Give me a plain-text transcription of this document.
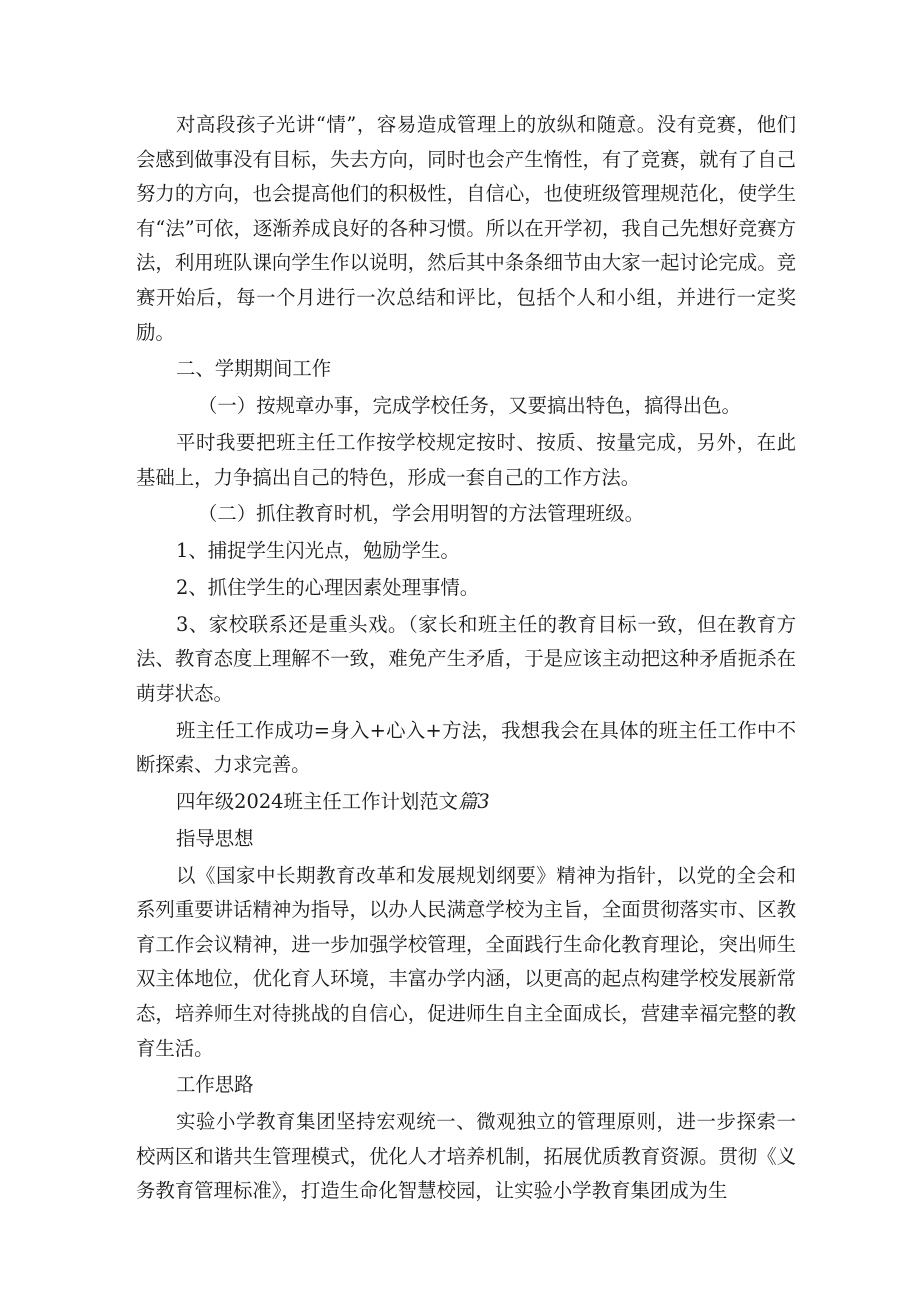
对高段孩子光讲“情”，容易造成管理上的放纵和随意。没有竞赛，他们会感到做事没有目标，失去方向，同时也会产生惰性，有了竞赛，就有了自己努力的方向，也会提高他们的积极性，自信心，也使班级管理规范化，使学生有“法”可依，逐渐养成良好的各种习惯。所以在开学初，我自己先想好竞赛方法，利用班队课向学生作以说明，然后其中条条细节由大家一起讨论完成。竞赛开始后，每一个月进行一次总结和评比，包括个人和小组，并进行一定奖励。

二、学期期间工作

（一）按规章办事，完成学校任务，又要搞出特色，搞得出色。

平时我要把班主任工作按学校规定按时、按质、按量完成，另外，在此基础上，力争搞出自己的特色，形成一套自己的工作方法。

（二）抓住教育时机，学会用明智的方法管理班级。

1、捕捉学生闪光点，勉励学生。

2、抓住学生的心理因素处理事情。

3、家校联系还是重头戏。（家长和班主任的教育目标一致，但在教育方法、教育态度上理解不一致，难免产生矛盾，于是应该主动把这种矛盾扼杀在萌芽状态。

班主任工作成功=身入+心入+方法，我想我会在具体的班主任工作中不断探索、力求完善。

四年级2024班主任工作计划范文篇3

指导思想

以《国家中长期教育改革和发展规划纲要》精神为指针，以党的全会和系列重要讲话精神为指导，以办人民满意学校为主旨，全面贯彻落实市、区教育工作会议精神，进一步加强学校管理，全面践行生命化教育理论，突出师生双主体地位，优化育人环境，丰富办学内涵，以更高的起点构建学校发展新常态，培养师生对待挑战的自信心，促进师生自主全面成长，营建幸福完整的教育生活。

工作思路

实验小学教育集团坚持宏观统一、微观独立的管理原则，进一步探索一校两区和谐共生管理模式，优化人才培养机制，拓展优质教育资源。贯彻《义务教育管理标准》，打造生命化智慧校园，让实验小学教育集团成为生
